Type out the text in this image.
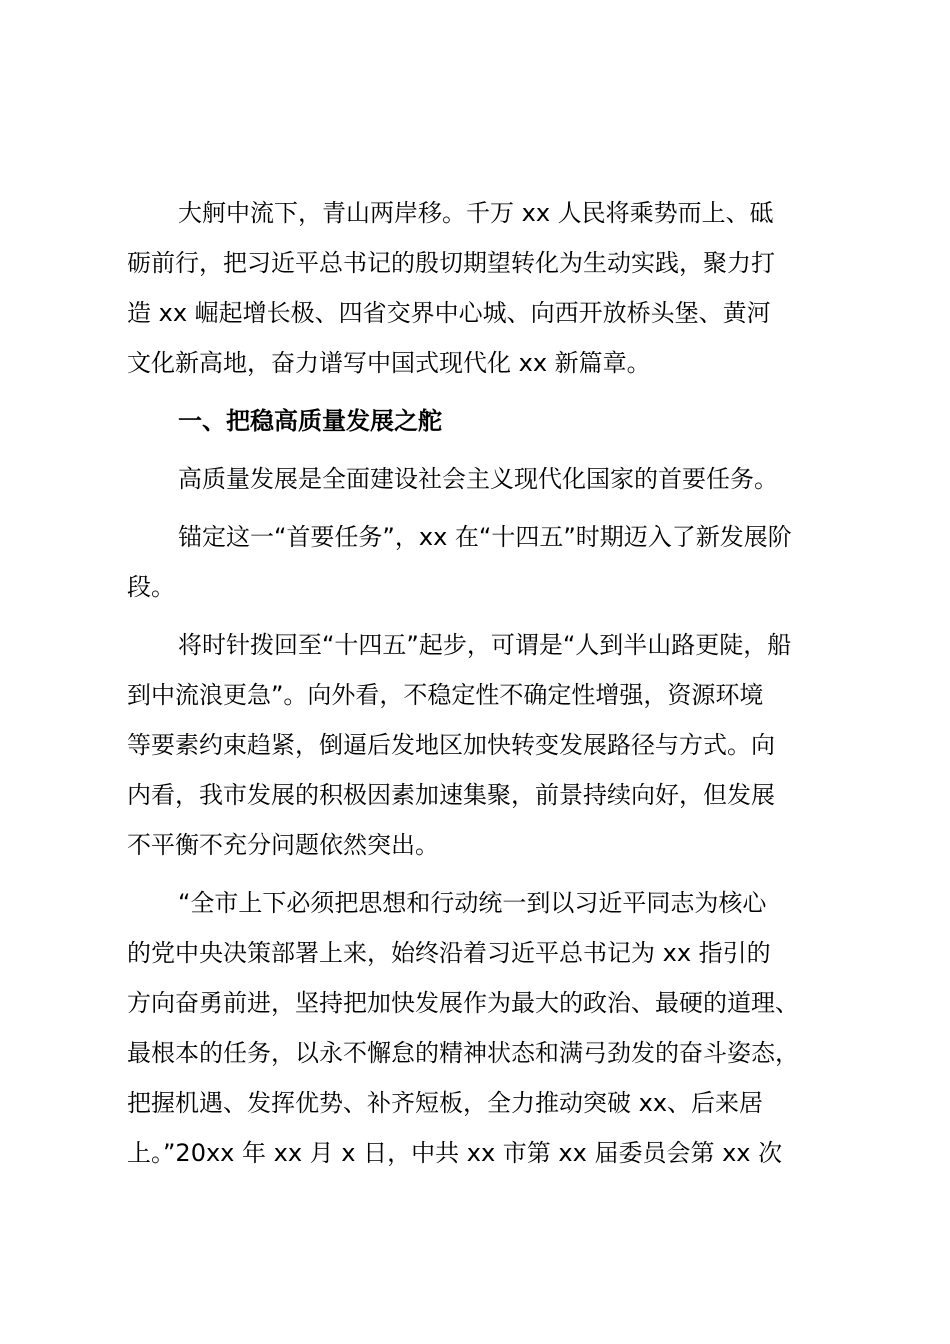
大舸中流下，青山两岸移。千万 xx 人民将乘势而上、砥
砺前行，把习近平总书记的殷切期望转化为生动实践，聚力打
造 xx 崛起增长极、四省交界中心城、向西开放桥头堡、黄河
文化新高地，奋力谱写中国式现代化 xx 新篇章。
一、把稳高质量发展之舵
高质量发展是全面建设社会主义现代化国家的首要任务。
锚定这一“首要任务”，xx 在“十四五”时期迈入了新发展阶
段。
将时针拨回至“十四五”起步，可谓是“人到半山路更陡，船
到中流浪更急”。向外看，不稳定性不确定性增强，资源环境
等要素约束趋紧，倒逼后发地区加快转变发展路径与方式。向
内看，我市发展的积极因素加速集聚，前景持续向好，但发展
不平衡不充分问题依然突出。
“全市上下必须把思想和行动统一到以习近平同志为核心
的党中央决策部署上来，始终沿着习近平总书记为 xx 指引的
方向奋勇前进，坚持把加快发展作为最大的政治、最硬的道理、
最根本的任务，以永不懈怠的精神状态和满弓劲发的奋斗姿态，
把握机遇、发挥优势、补齐短板，全力推动突破 xx、后来居
上。”20xx 年 xx 月 x 日，中共 xx 市第 xx 届委员会第 xx 次
